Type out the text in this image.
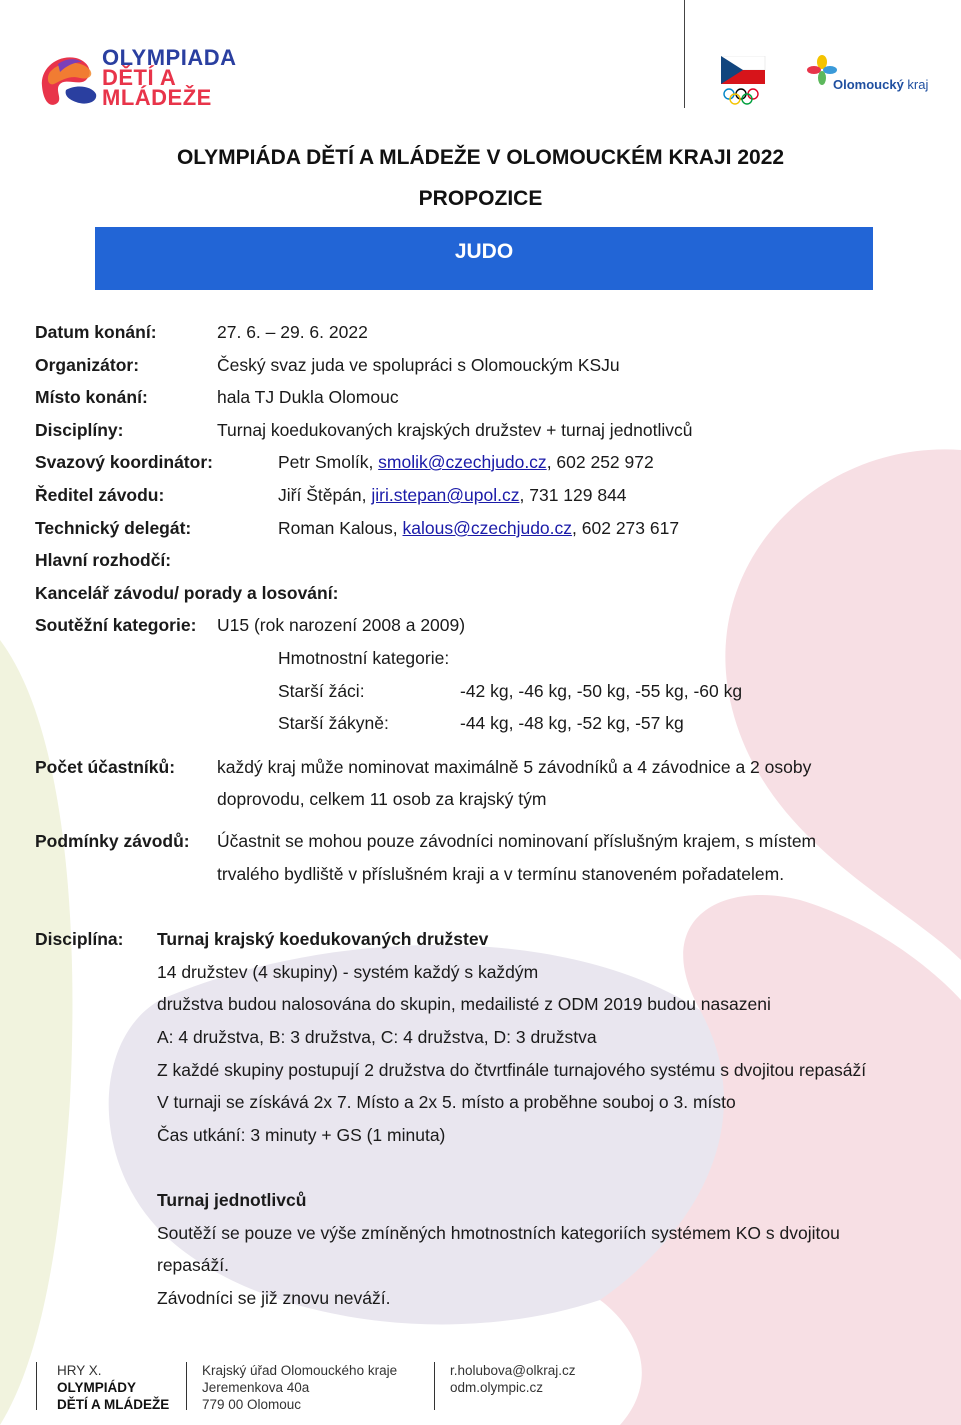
OLYMPIADA
DĚTÍ A
MLÁDEŽE
Olomoucký kraj
OLYMPIÁDA DĚTÍ A MLÁDEŽE V OLOMOUCKÉM KRAJI 2022
PROPOZICE
JUDO
Datum konání:	27. 6. – 29. 6. 2022
Organizátor:	Český svaz juda ve spolupráci s Olomouckým KSJu
Místo konání:	hala TJ Dukla Olomouc
Disciplíny:	Turnaj koedukovaných krajských družstev + turnaj jednotlivců
Svazový koordinátor:	Petr Smolík, smolik@czechjudo.cz, 602 252 972
Ředitel závodu:	Jiří Štěpán, jiri.stepan@upol.cz, 731 129 844
Technický delegát:	Roman Kalous, kalous@czechjudo.cz, 602 273 617
Hlavní rozhodčí:
Kancelář závodu/ porady a losování:
Soutěžní kategorie: U15 (rok narození 2008 a 2009)
Hmotnostní kategorie:
Starší žáci:	-42 kg, -46 kg, -50 kg, -55 kg, -60 kg
Starší žákyně:	-44 kg, -48 kg, -52 kg, -57 kg
Počet účastníků: každý kraj může nominovat maximálně 5 závodníků a 4 závodnice a 2 osoby
doprovodu, celkem 11 osob za krajský tým
Podmínky závodů: Účastnit se mohou pouze závodníci nominovaní příslušným krajem, s místem
trvalého bydliště v příslušném kraji a v termínu stanoveném pořadatelem.
Disciplína: Turnaj krajský koedukovaných družstev
14 družstev (4 skupiny) - systém každý s každým
družstva budou nalosována do skupin, medailisté z ODM 2019 budou nasazeni
A: 4 družstva, B: 3 družstva, C: 4 družstva, D: 3 družstva
Z každé skupiny postupují 2 družstva do čtvrtfinále turnajového systému s dvojitou repasáží
V turnaji se získává 2x 7. Místo a 2x 5. místo a proběhne souboj o 3. místo
Čas utkání: 3 minuty + GS (1 minuta)
Turnaj jednotlivců
Soutěží se pouze ve výše zmíněných hmotnostních kategoriích systémem KO s dvojitou
repasáží.
Závodníci se již znovu neváží.
HRY X.
OLYMPIÁDY
DĚTÍ A MLÁDEŽE
Krajský úřad Olomouckého kraje
Jeremenkova 40a
779 00 Olomouc
r.holubova@olkraj.cz
odm.olympic.cz
